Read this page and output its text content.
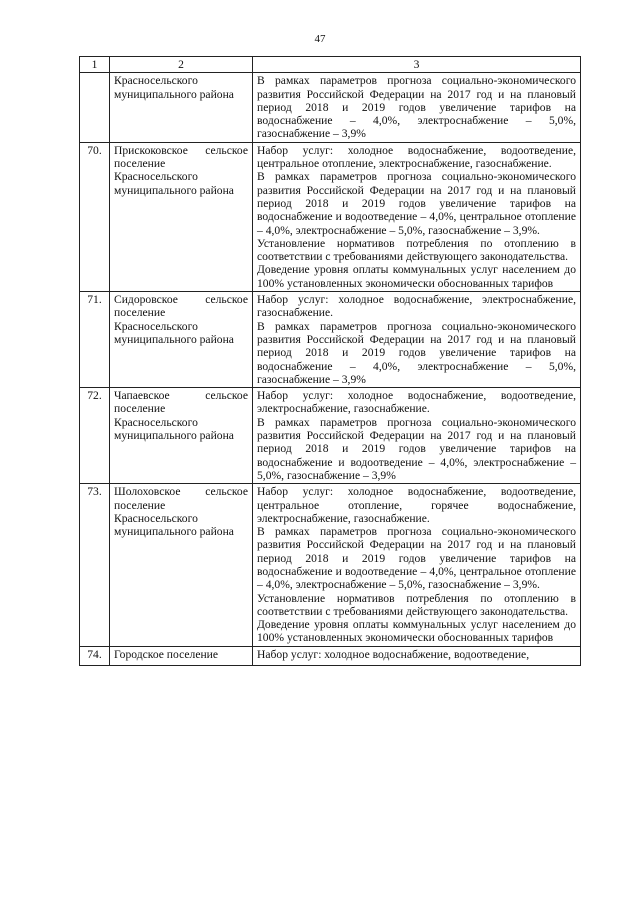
47
1	2	3
	Красносельского муниципального района	В рамках параметров прогноза социально-экономического развития Российской Федерации на 2017 год и на плановый период 2018 и 2019 годов увеличение тарифов на водоснабжение – 4,0%, электроснабжение – 5,0%, газоснабжение – 3,9%

70.	Прискоковское сельское поселение Красносельского муниципального района	Набор услуг: холодное водоснабжение, водоотведение, центральное отопление, электроснабжение, газоснабжение.

В рамках параметров прогноза социально-экономического развития Российской Федерации на 2017 год и на плановый период 2018 и 2019 годов увеличение тарифов на водоснабжение и водоотведение – 4,0%, центральное отопление – 4,0%, электроснабжение – 5,0%, газоснабжение – 3,9%.

Установление нормативов потребления по отоплению в соответствии с требованиями действующего законодательства.

Доведение уровня оплаты коммунальных услуг населением до 100% установленных экономически обоснованных тарифов

71.	Сидоровское сельское поселение Красносельского муниципального района	Набор услуг: холодное водоснабжение, электроснабжение, газоснабжение.

В рамках параметров прогноза социально-экономического развития Российской Федерации на 2017 год и на плановый период 2018 и 2019 годов увеличение тарифов на водоснабжение – 4,0%, электроснабжение – 5,0%, газоснабжение – 3,9%

72.	Чапаевское сельское поселение Красносельского муниципального района	Набор услуг: холодное водоснабжение, водоотведение, электроснабжение, газоснабжение.

В рамках параметров прогноза социально-экономического развития Российской Федерации на 2017 год и на плановый период 2018 и 2019 годов увеличение тарифов на водоснабжение и водоотведение – 4,0%, электроснабжение – 5,0%, газоснабжение – 3,9%

73.	Шолоховское сельское поселение Красносельского муниципального района	Набор услуг: холодное водоснабжение, водоотведение, центральное отопление, горячее водоснабжение, электроснабжение, газоснабжение.

В рамках параметров прогноза социально-экономического развития Российской Федерации на 2017 год и на плановый период 2018 и 2019 годов увеличение тарифов на водоснабжение и водоотведение – 4,0%, центральное отопление – 4,0%, электроснабжение – 5,0%, газоснабжение – 3,9%.

Установление нормативов потребления по отоплению в соответствии с требованиями действующего законодательства.

Доведение уровня оплаты коммунальных услуг населением до 100% установленных экономически обоснованных тарифов

74.	Городское поселение	Набор услуг: холодное водоснабжение, водоотведение,
